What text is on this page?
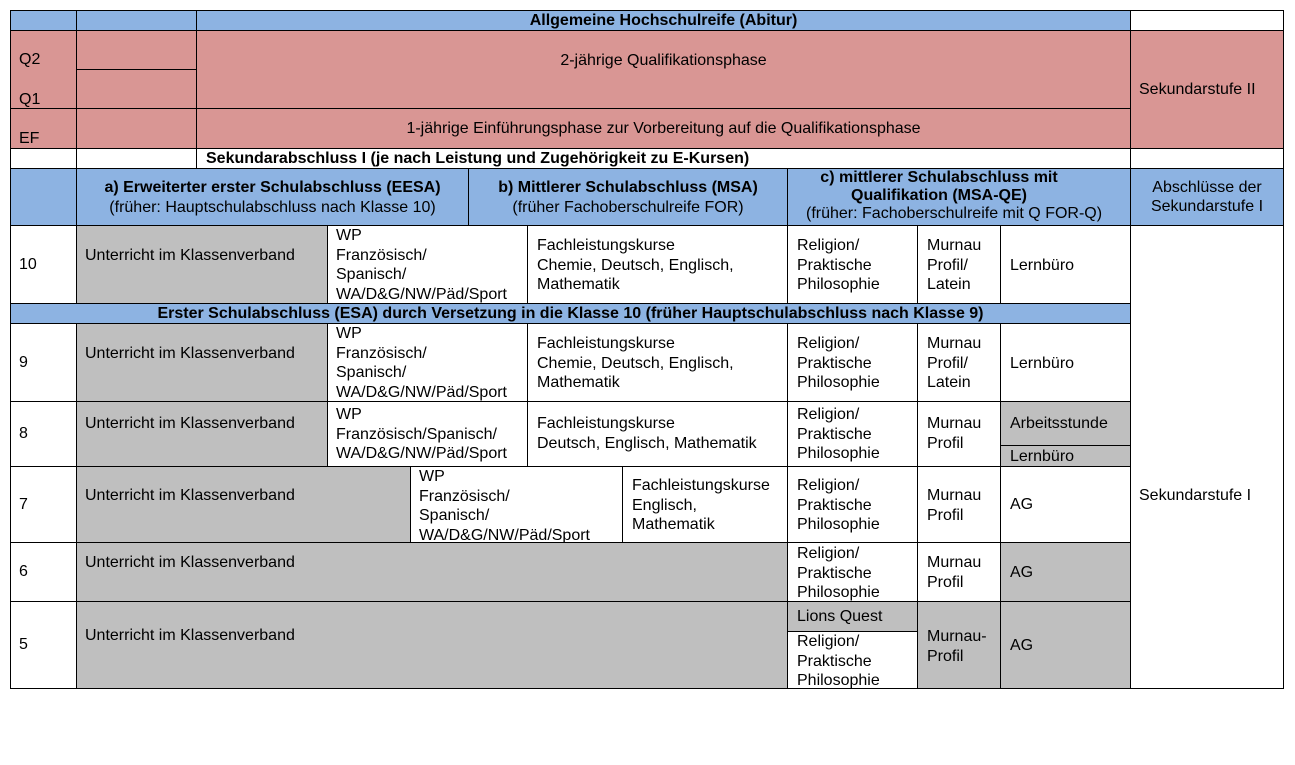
Allgemeine Hochschulreife (Abitur)
Q2
Q1
2-jährige Qualifikationsphase
EF
1-jährige Einführungsphase zur Vorbereitung auf die Qualifikationsphase
Sekundarstufe II
Sekundarabschluss I (je nach Leistung und Zugehörigkeit zu E-Kursen)
a) Erweiterter erster Schulabschluss (EESA)
(früher: Hauptschulabschluss nach Klasse 10)
b) Mittlerer Schulabschluss (MSA)
(früher Fachoberschulreife FOR)
c) mittlerer Schulabschluss mit
Qualifikation (MSA-QE)
(früher: Fachoberschulreife mit Q FOR-Q)
Abschlüsse der
Sekundarstufe I
10
Unterricht im Klassenverband
WP
Französisch/
Spanisch/
WA/D&G/NW/Päd/Sport
Fachleistungskurse
Chemie, Deutsch, Englisch,
Mathematik
Religion/
Praktische
Philosophie
Murnau
Profil/
Latein
Lernbüro
Erster Schulabschluss (ESA) durch Versetzung in die Klasse 10 (früher Hauptschulabschluss nach Klasse 9)
Sekundarstufe I
9
Unterricht im Klassenverband
WP
Französisch/
Spanisch/
WA/D&G/NW/Päd/Sport
Fachleistungskurse
Chemie, Deutsch, Englisch,
Mathematik
Religion/
Praktische
Philosophie
Murnau
Profil/
Latein
Lernbüro
8
Unterricht im Klassenverband
WP
Französisch/Spanisch/
WA/D&G/NW/Päd/Sport
Fachleistungskurse
Deutsch, Englisch, Mathematik
Religion/
Praktische
Philosophie
Murnau
Profil
Arbeitsstunde
Lernbüro
7
Unterricht im Klassenverband
WP
Französisch/
Spanisch/
WA/D&G/NW/Päd/Sport
Fachleistungskurse
Englisch,
Mathematik
Religion/
Praktische
Philosophie
Murnau
Profil
AG
6
Unterricht im Klassenverband
Religion/
Praktische
Philosophie
Murnau
Profil
AG
5
Unterricht im Klassenverband
Lions Quest
Religion/
Praktische
Philosophie
Murnau-
Profil
AG
